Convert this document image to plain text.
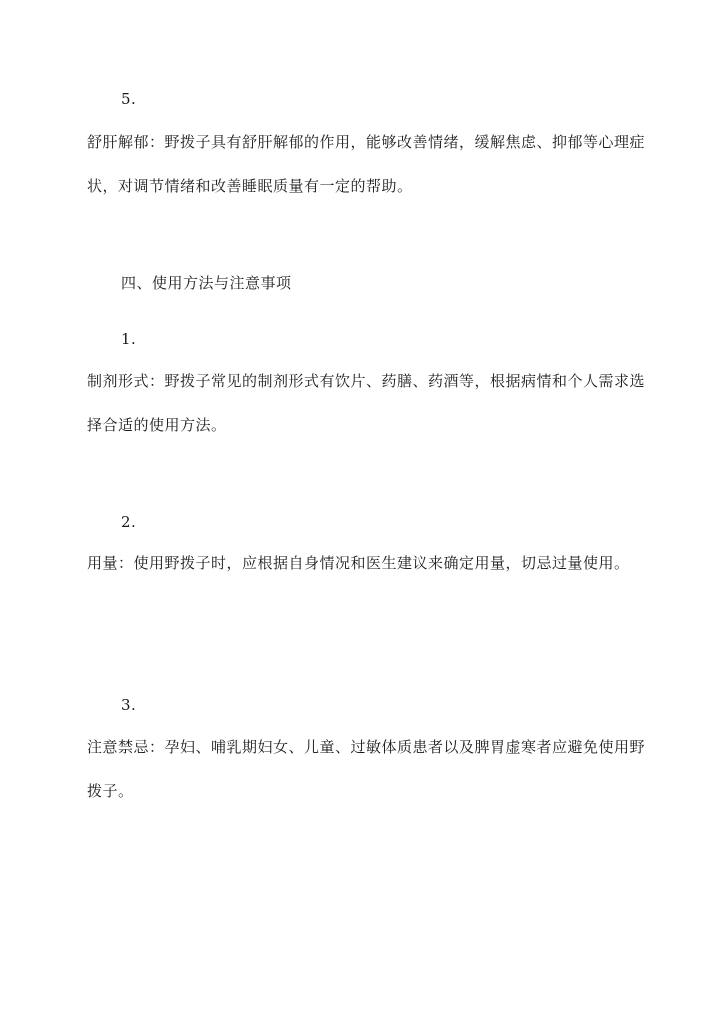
5.

舒肝解郁：野拨子具有舒肝解郁的作用，能够改善情绪，缓解焦虑、抑郁等心理症状，对调节情绪和改善睡眠质量有一定的帮助。

四、使用方法与注意事项

1.

制剂形式：野拨子常见的制剂形式有饮片、药膳、药酒等，根据病情和个人需求选择合适的使用方法。

2.

用量：使用野拨子时，应根据自身情况和医生建议来确定用量，切忌过量使用。

3.

注意禁忌：孕妇、哺乳期妇女、儿童、过敏体质患者以及脾胃虚寒者应避免使用野拨子。
